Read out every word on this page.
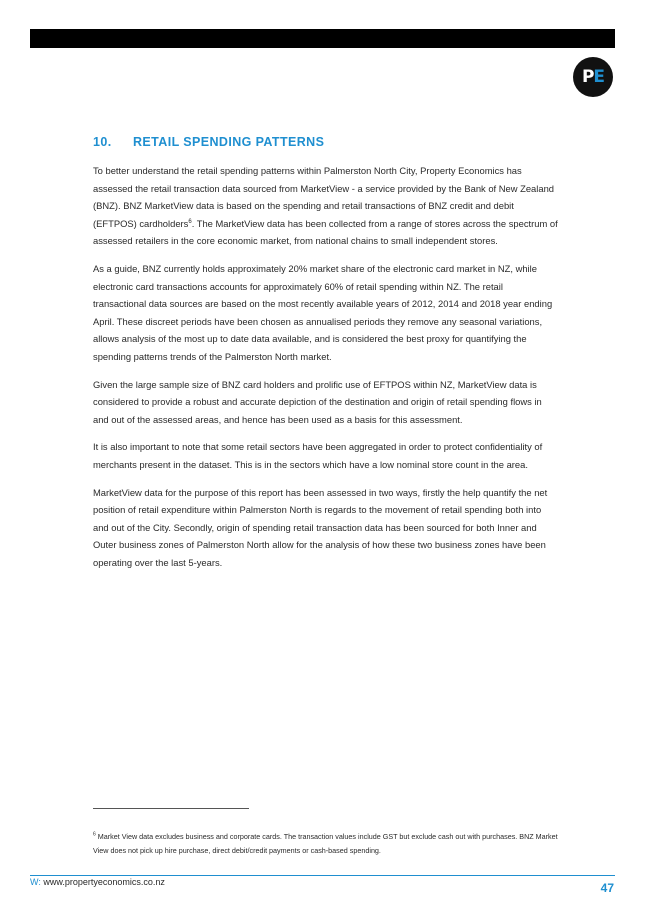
P E
10.	RETAIL SPENDING PATTERNS

To better understand the retail spending patterns within Palmerston North City, Property Economics has assessed the retail transaction data sourced from MarketView - a service provided by the Bank of New Zealand (BNZ). BNZ MarketView data is based on the spending and retail transactions of BNZ credit and debit (EFTPOS) cardholders$^6$. The MarketView data has been collected from a range of stores across the spectrum of assessed retailers in the core economic market, from national chains to small independent stores.

As a guide, BNZ currently holds approximately 20% market share of the electronic card market in NZ, while electronic card transactions accounts for approximately 60% of retail spending within NZ. The retail transactional data sources are based on the most recently available years of 2012, 2014 and 2018 year ending April. These discreet periods have been chosen as annualised periods they remove any seasonal variations, allows analysis of the most up to date data available, and is considered the best proxy for quantifying the spending patterns trends of the Palmerston North market.

Given the large sample size of BNZ card holders and prolific use of EFTPOS within NZ, MarketView data is considered to provide a robust and accurate depiction of the destination and origin of retail spending flows in and out of the assessed areas, and hence has been used as a basis for this assessment.

It is also important to note that some retail sectors have been aggregated in order to protect confidentiality of merchants present in the dataset. This is in the sectors which have a low nominal store count in the area.

MarketView data for the purpose of this report has been assessed in two ways, firstly the help quantify the net position of retail expenditure within Palmerston North is regards to the movement of retail spending both into and out of the City. Secondly, origin of spending retail transaction data has been sourced for both Inner and Outer business zones of Palmerston North allow for the analysis of how these two business zones have been operating over the last 5-years.

$^6$ Market View data excludes business and corporate cards. The transaction values include GST but exclude cash out with purchases. BNZ Market View does not pick up hire purchase, direct debit/credit payments or cash-based spending.
W: www.propertyeconomics.co.nz	47
